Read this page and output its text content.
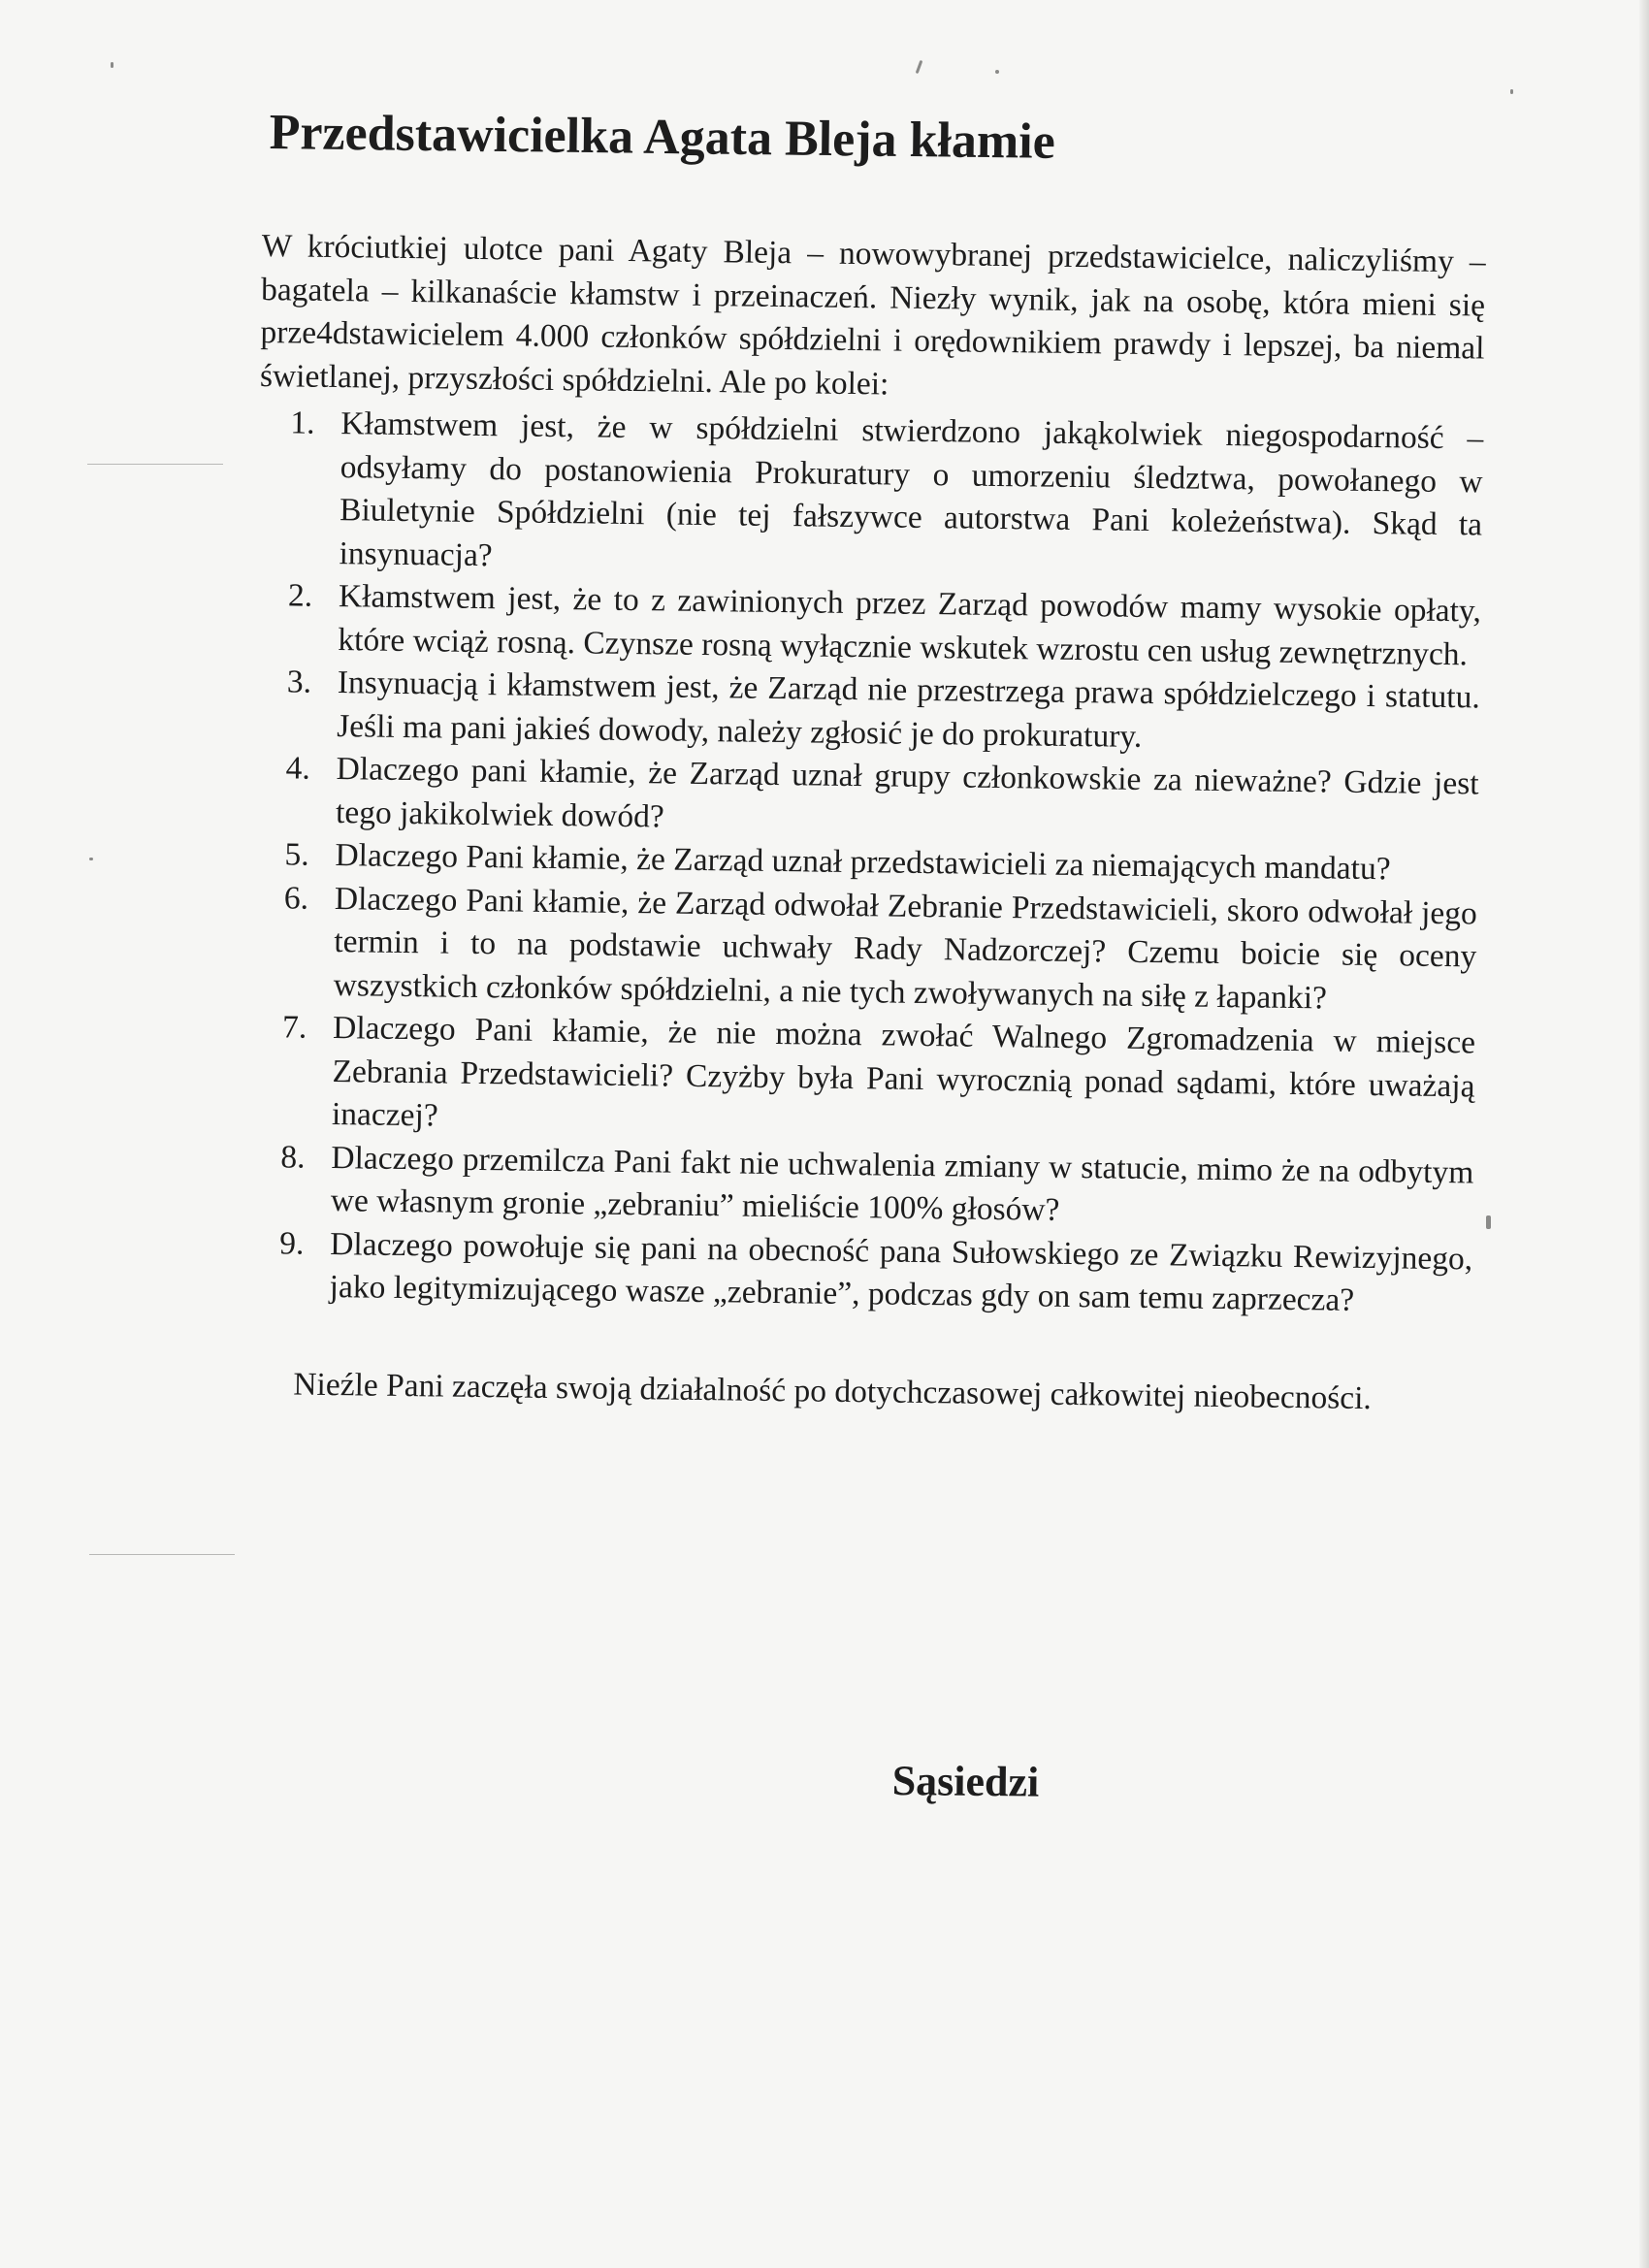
Przedstawicielka Agata Bleja kłamie

W króciutkiej ulotce pani Agaty Bleja – nowowybranej przedstawicielce, naliczyliśmy – bagatela – kilkanaście kłamstw i przeinaczeń. Niezły wynik, jak na osobę, która mieni się prze4dstawicielem 4.000 członków spółdzielni i orędownikiem prawdy i lepszej, ba niemal świetlanej, przyszłości spółdzielni. Ale po kolei:

1. Kłamstwem jest, że w spółdzielni stwierdzono jakąkolwiek niegospodarność – odsyłamy do postanowienia Prokuratury o umorzeniu śledztwa, powołanego w Biuletynie Spółdzielni (nie tej fałszywce autorstwa Pani koleżeństwa). Skąd ta insynuacja?
2. Kłamstwem jest, że to z zawinionych przez Zarząd powodów mamy wysokie opłaty, które wciąż rosną. Czynsze rosną wyłącznie wskutek wzrostu cen usług zewnętrznych.
3. Insynuacją i kłamstwem jest, że Zarząd nie przestrzega prawa spółdzielczego i statutu. Jeśli ma pani jakieś dowody, należy zgłosić je do prokuratury.
4. Dlaczego pani kłamie, że Zarząd uznał grupy członkowskie za nieważne? Gdzie jest tego jakikolwiek dowód?
5. Dlaczego Pani kłamie, że Zarząd uznał przedstawicieli za niemających mandatu?
6. Dlaczego Pani kłamie, że Zarząd odwołał Zebranie Przedstawicieli, skoro odwołał jego termin i to na podstawie uchwały Rady Nadzorczej? Czemu boicie się oceny wszystkich członków spółdzielni, a nie tych zwoływanych na siłę z łapanki?
7. Dlaczego Pani kłamie, że nie można zwołać Walnego Zgromadzenia w miejsce Zebrania Przedstawicieli? Czyżby była Pani wyrocznią ponad sądami, które uważają inaczej?
8. Dlaczego przemilcza Pani fakt nie uchwalenia zmiany w statucie, mimo że na odbytym we własnym gronie „zebraniu” mieliście 100% głosów?
9. Dlaczego powołuje się pani na obecność pana Sułowskiego ze Związku Rewizyjnego, jako legitymizującego wasze „zebranie”, podczas gdy on sam temu zaprzecza?

Nieźle Pani zaczęła swoją działalność po dotychczasowej całkowitej nieobecności.

Sąsiedzi
